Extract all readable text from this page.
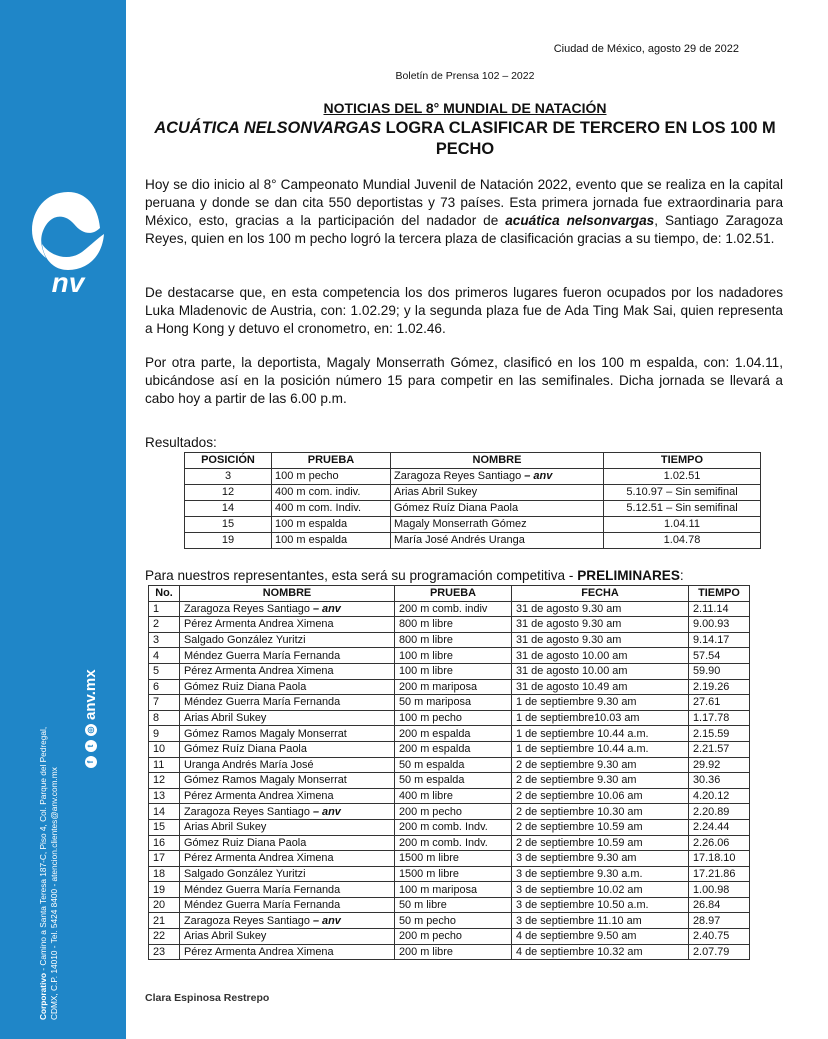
nv
Corporativo - Camino a Santa Teresa 187-C, Piso 4, Col. Parque del Pedregal, CDMX, C.P. 14010 - Tel. 5424 8400 - atencion.clientes@anv.com.mx
f
t
◎
anv.mx
Ciudad de México, agosto 29 de 2022
Boletín de Prensa 102 – 2022
NOTICIAS DEL 8° MUNDIAL DE NATACIÓN
ACUÁTICA NELSONVARGAS LOGRA CLASIFICAR DE TERCERO EN LOS 100 M PECHO
Hoy se dio inicio al 8° Campeonato Mundial Juvenil de Natación 2022, evento que se realiza en la capital peruana y donde se dan cita 550 deportistas y 73 países. Esta primera jornada fue extraordinaria para México, esto, gracias a la participación del nadador de acuática nelsonvargas, Santiago Zaragoza Reyes, quien en los 100 m pecho logró la tercera plaza de clasificación gracias a su tiempo, de: 1.02.51.
De destacarse que, en esta competencia los dos primeros lugares fueron ocupados por los nadadores Luka Mladenovic de Austria, con: 1.02.29; y la segunda plaza fue de Ada Ting Mak Sai, quien representa a Hong Kong y detuvo el cronometro, en: 1.02.46.
Por otra parte, la deportista, Magaly Monserrath Gómez, clasificó en los 100 m espalda, con: 1.04.11, ubicándose así en la posición número 15 para competir en las semifinales. Dicha jornada se llevará a cabo hoy a partir de las 6.00 p.m.
Resultados:
POSICIÓN	PRUEBA	NOMBRE	TIEMPO
3	100 m pecho	Zaragoza Reyes Santiago – anv	1.02.51
12	400 m com. indiv.	Arias Abril Sukey	5.10.97 – Sin semifinal
14	400 m com. Indiv.	Gómez Ruíz Diana Paola	5.12.51 – Sin semifinal
15	100 m espalda	Magaly Monserrath Gómez	1.04.11
19	100 m espalda	María José Andrés Uranga	1.04.78
Para nuestros representantes, esta será su programación competitiva - PRELIMINARES:
No.	NOMBRE	PRUEBA	FECHA	TIEMPO
1	Zaragoza Reyes Santiago – anv	200 m comb. indiv	31 de agosto 9.30 am	2.11.14
2	Pérez Armenta Andrea Ximena	800 m libre	31 de agosto 9.30 am	9.00.93
3	Salgado González Yuritzi	800 m libre	31 de agosto 9.30 am	9.14.17
4	Méndez Guerra María Fernanda	100 m libre	31 de agosto 10.00 am	57.54
5	Pérez Armenta Andrea Ximena	100 m libre	31 de agosto 10.00 am	59.90
6	Gómez Ruiz Diana Paola	200 m mariposa	31 de agosto 10.49 am	2.19.26
7	Méndez Guerra María Fernanda	50 m mariposa	1 de septiembre 9.30 am	27.61
8	Arias Abril Sukey	100 m pecho	1 de septiembre10.03 am	1.17.78
9	Gómez Ramos Magaly Monserrat	200 m espalda	1 de septiembre 10.44 a.m.	2.15.59
10	Gómez Ruíz Diana Paola	200 m espalda	1 de septiembre 10.44 a.m.	2.21.57
11	Uranga Andrés María José	50 m espalda	2 de septiembre 9.30 am	29.92
12	Gómez Ramos Magaly Monserrat	50 m espalda	2 de septiembre 9.30 am	30.36
13	Pérez Armenta Andrea Ximena	400 m libre	2 de septiembre 10.06 am	4.20.12
14	Zaragoza Reyes Santiago – anv	200 m pecho	2 de septiembre 10.30 am	2.20.89
15	Arias Abril Sukey	200 m comb. Indv.	2 de septiembre 10.59 am	2.24.44
16	Gómez Ruiz Diana Paola	200 m comb. Indv.	2 de septiembre 10.59 am	2.26.06
17	Pérez Armenta Andrea Ximena	1500 m libre	3 de septiembre 9.30 am	17.18.10
18	Salgado González Yuritzi	1500 m libre	3 de septiembre 9.30 a.m.	17.21.86
19	Méndez Guerra María Fernanda	100 m mariposa	3 de septiembre 10.02 am	1.00.98
20	Méndez Guerra María Fernanda	50 m libre	3 de septiembre 10.50 a.m.	26.84
21	Zaragoza Reyes Santiago – anv	50 m pecho	3 de septiembre 11.10 am	28.97
22	Arias Abril Sukey	200 m pecho	4 de septiembre 9.50 am	2.40.75
23	Pérez Armenta Andrea Ximena	200 m libre	4 de septiembre 10.32 am	2.07.79
Clara Espinosa Restrepo
